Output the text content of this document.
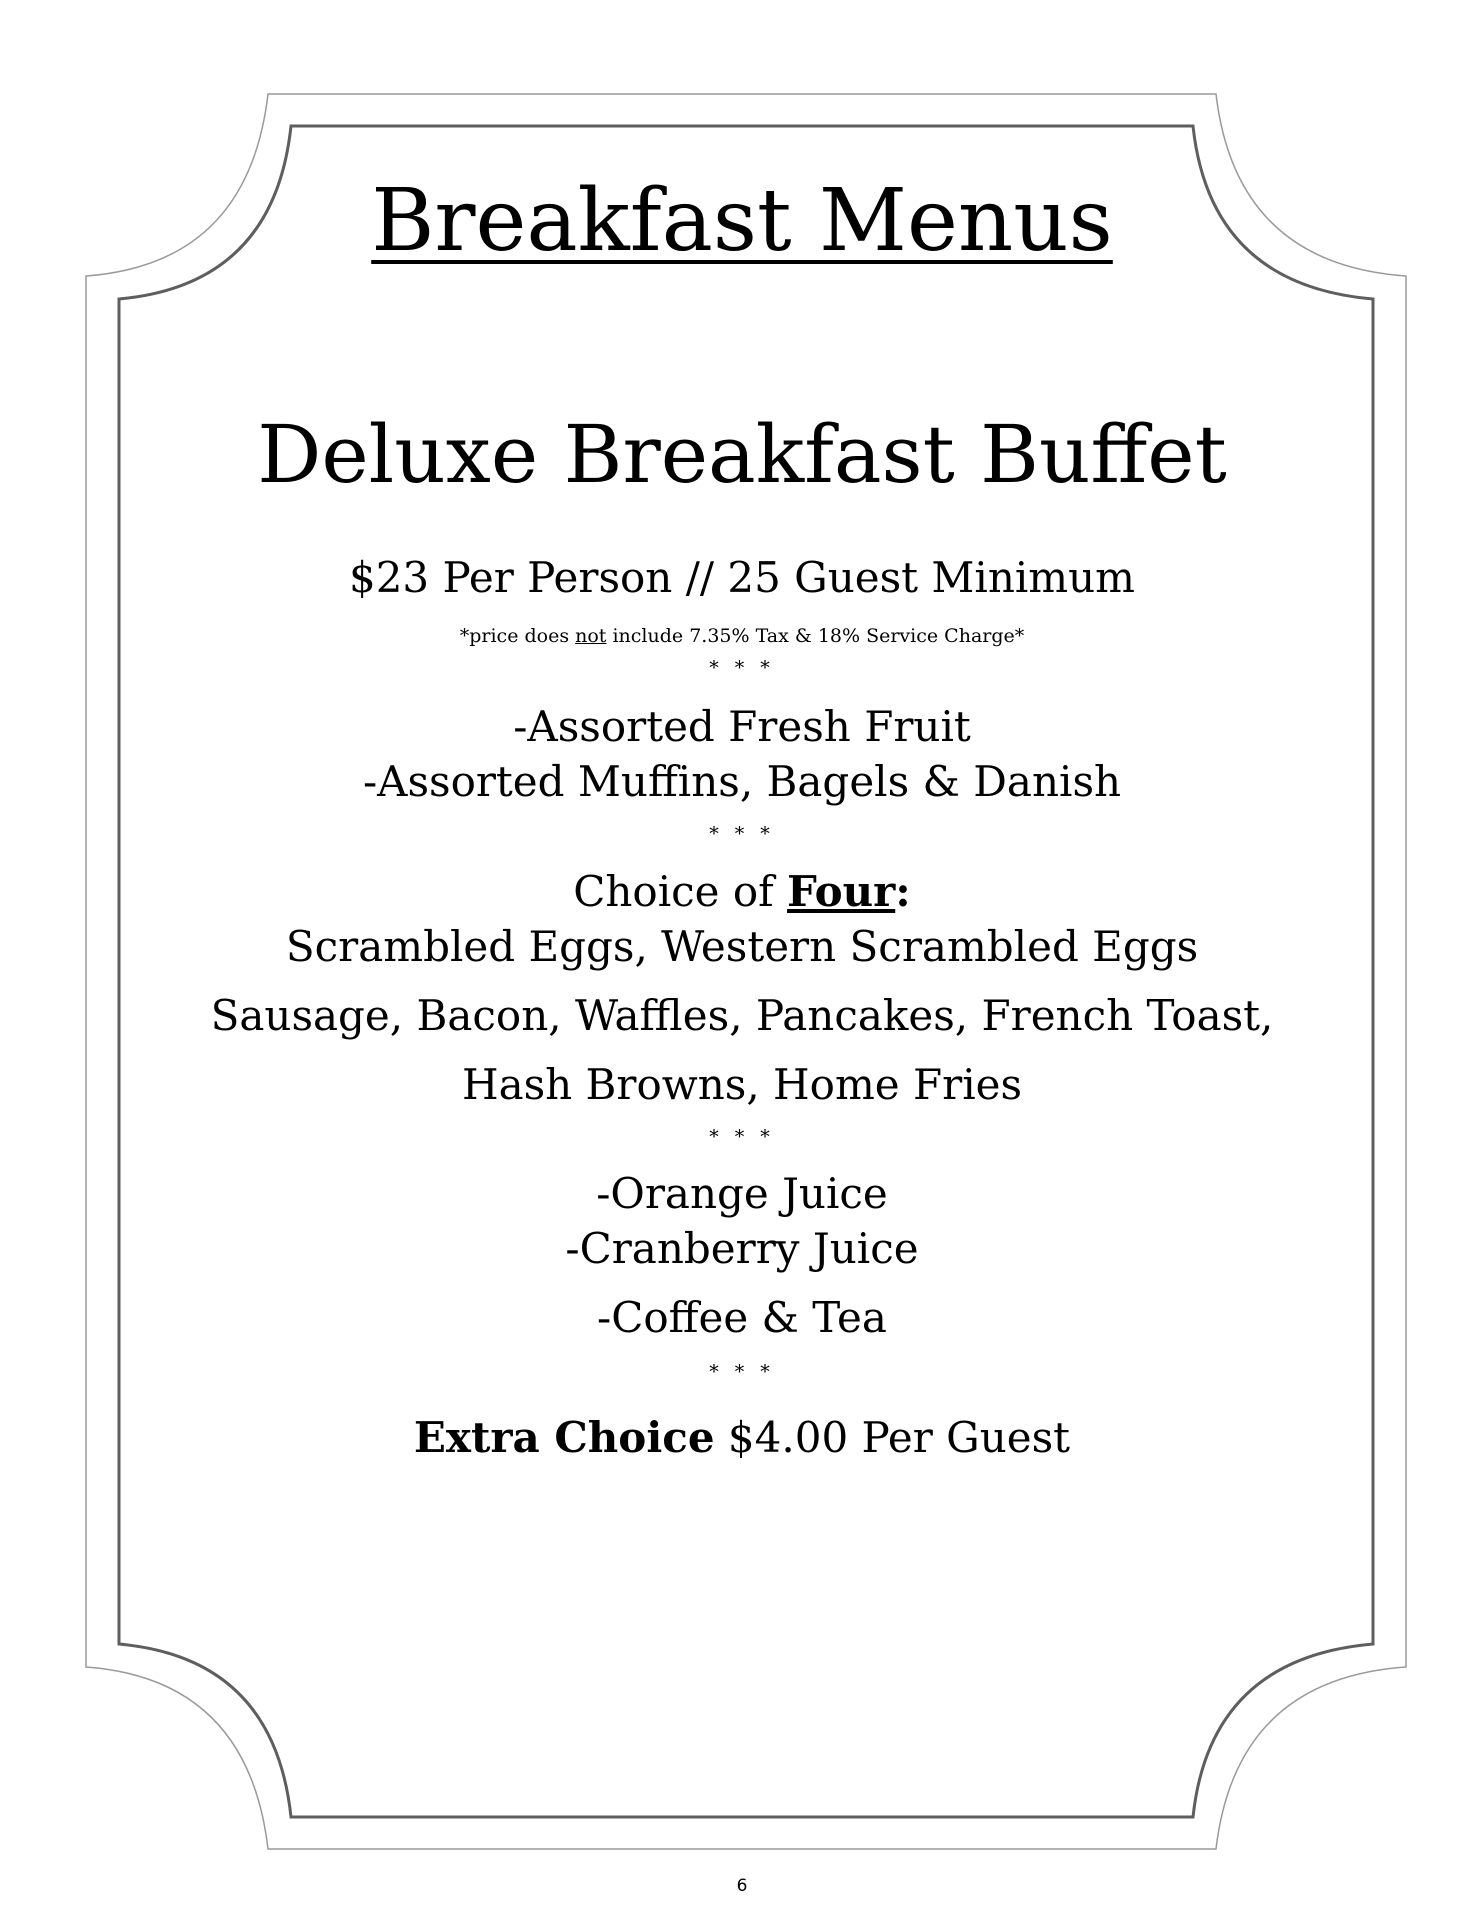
Breakfast Menus
Deluxe Breakfast Buffet
$23 Per Person // 25 Guest Minimum
*price does not include 7.35% Tax & 18% Service Charge*
* * *
-Assorted Fresh Fruit
-Assorted Muffins, Bagels & Danish
* * *
Choice of Four:
Scrambled Eggs, Western Scrambled Eggs
Sausage, Bacon, Waffles, Pancakes, French Toast,
Hash Browns, Home Fries
* * *
-Orange Juice
-Cranberry Juice
-Coffee & Tea
* * *
Extra Choice $4.00 Per Guest
6
